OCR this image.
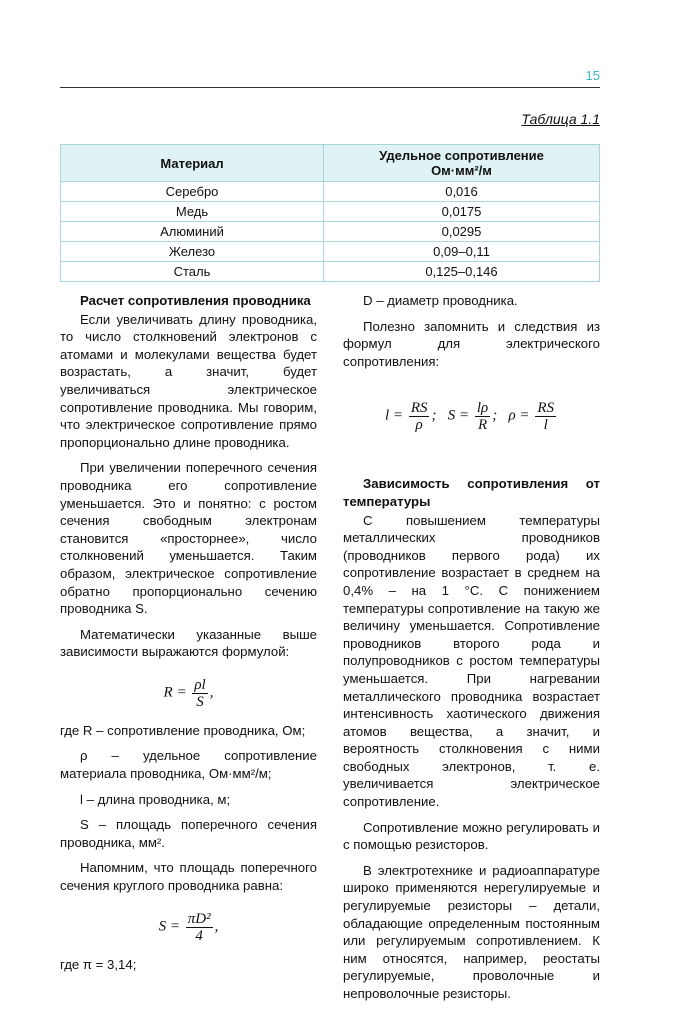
15
Таблица 1.1
Материал	Удельное сопротивление
Ом·мм²/м
Серебро	0,016
Медь	0,0175
Алюминий	0,0295
Железо	0,09–0,11
Сталь	0,125–0,146
Расчет сопротивления проводника

Если увеличивать длину проводника, то число столкновений электронов с атомами и молекулами вещества будет возрастать, а значит, будет увеличиваться электрическое сопротивление проводника. Мы говорим, что электрическое сопротивление прямо пропорционально длине проводника.

При увеличении поперечного сечения проводника его сопротивление уменьшается. Это и понятно: с ростом сечения свободным электронам становится «просторнее», число столкновений уменьшается. Таким образом, электрическое сопротивление обратно пропорционально сечению проводника S.

Математически указанные выше зависимости выражаются формулой:

$R = \frac{\rho l}{S}$ ,

где R – сопротивление проводника, Ом;

ρ – удельное сопротивление материала проводника, Ом·мм²/м;

l – длина проводника, м;

S – площадь поперечного сечения проводника, мм².

Напомним, что площадь поперечного сечения круглого проводника равна:

$S = \frac{\text{πD²}}{4}$ ,

где π = 3,14;

D – диаметр проводника.

Полезно запомнить и следствия из формул для электрического сопротивления:

$l = \frac{RS}{\rho}$ ; $S = \frac{l\rho}{R}$ ; $\rho = \frac{RS}{l}$
Зависимость сопротивления от температуры

С повышением температуры металлических проводников (проводников первого рода) их сопротивление возрастает в среднем на 0,4% – на 1 °С. С понижением температуры сопротивление на такую же величину уменьшается. Сопротивление проводников второго рода и полупроводников с ростом температуры уменьшается. При нагревании металлического проводника возрастает интенсивность хаотического движения атомов вещества, а значит, и вероятность столкновения с ними свободных электронов, т. е. увеличивается электрическое сопротивление.

Сопротивление можно регулировать и с помощью резисторов.

В электротехнике и радиоаппаратуре широко применяются нерегулируемые и регулируемые резисторы – детали, обладающие определенным постоянным или регулируемым сопротивлением. К ним относятся, например, реостаты регулируемые, проволочные и непроволочные резисторы.
